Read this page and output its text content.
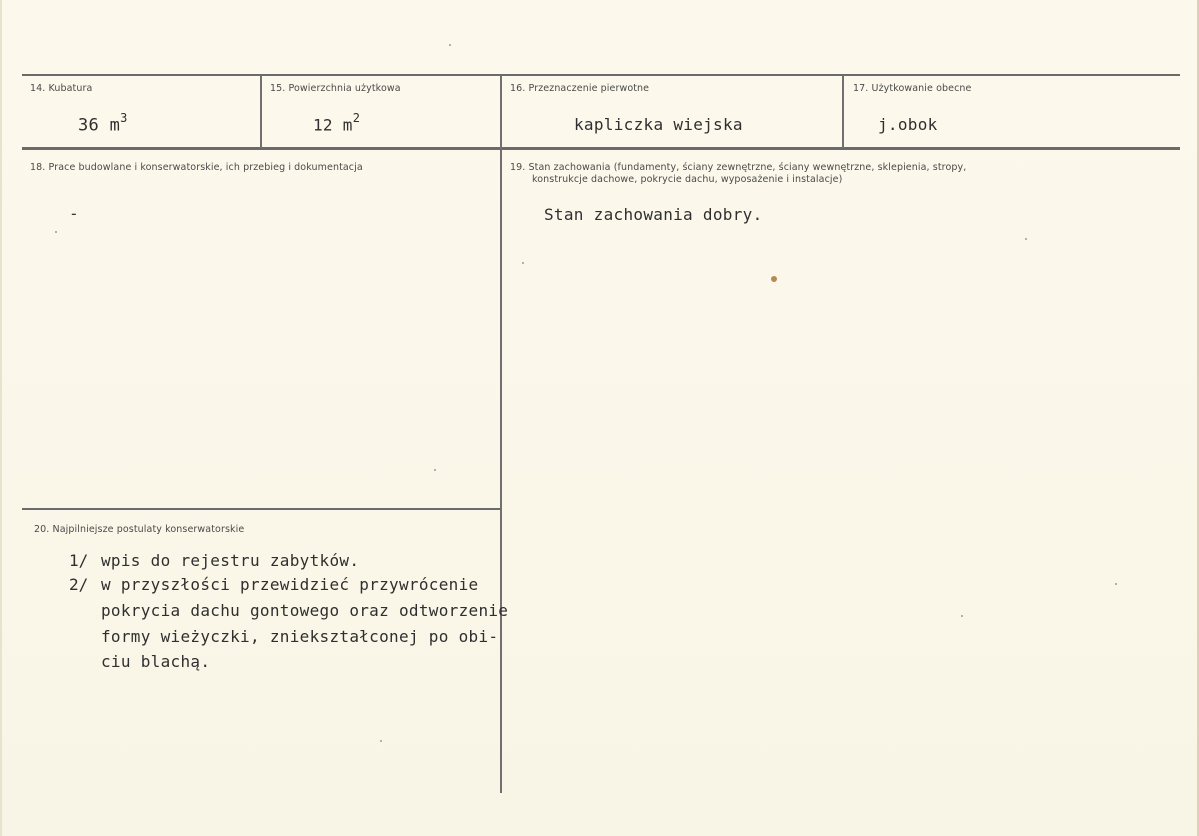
14. Kubatura
36 $m^3$
15. Powierzchnia użytkowa
12 $m^2$
16. Przeznaczenie pierwotne
kapliczka wiejska
17. Użytkowanie obecne
j.obok
18. Prace budowlane i konserwatorskie, ich przebieg i dokumentacja
-
19. Stan zachowania (fundamenty, ściany zewnętrzne, ściany wewnętrzne, sklepienia, stropy,
konstrukcje dachowe, pokrycie dachu, wyposażenie i instalacje)
Stan zachowania dobry.
20. Najpilniejsze postulaty konserwatorskie
1/ wpis do rejestru zabytków.
2/ w przyszłości przewidzieć przywrócenie
pokrycia dachu gontowego oraz odtworzenie
formy wieżyczki, zniekształconej po obi-
ciu blachą.
